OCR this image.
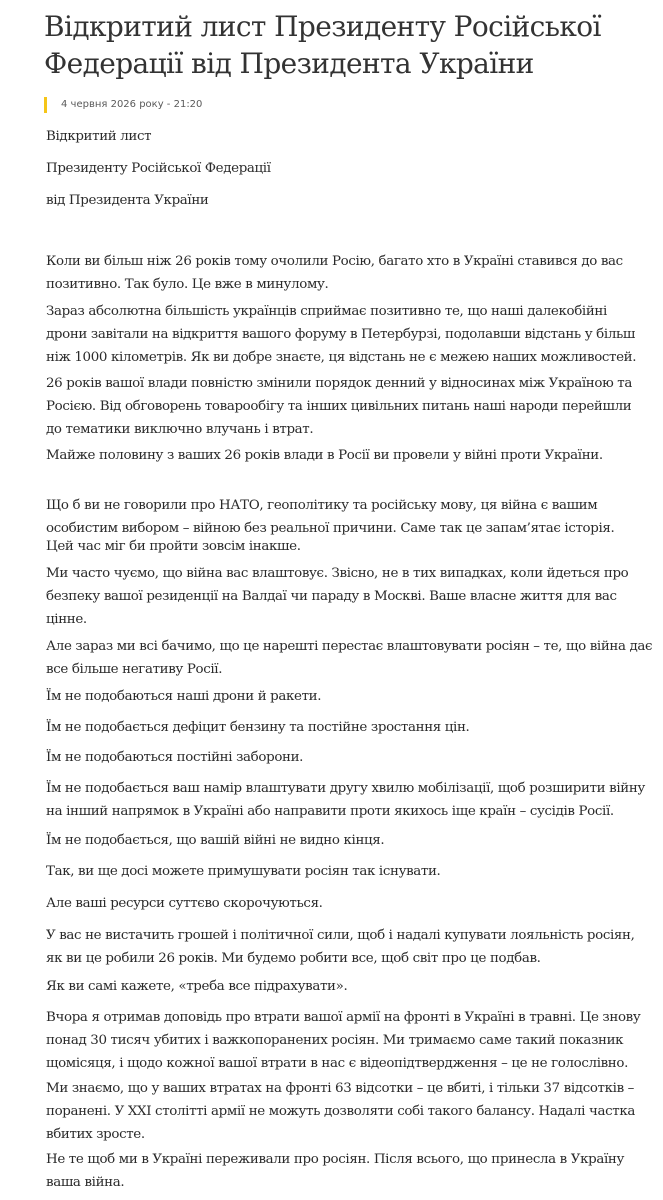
Відкритий лист Президенту Російської
Федерації від Президента України
4 червня 2026 року - 21:20

Відкритий лист

Президенту Російської Федерації

від Президента України

Коли ви більш ніж 26 років тому очолили Росію, багато хто в Україні ставився до вас
позитивно. Так було. Це вже в минулому.

Зараз абсолютна більшість українців сприймає позитивно те, що наші далекобійні
дрони завітали на відкриття вашого форуму в Петербурзі, подолавши відстань у більш
ніж 1000 кілометрів. Як ви добре знаєте, ця відстань не є межею наших можливостей.

26 років вашої влади повністю змінили порядок денний у відносинах між Україною та
Росією. Від обговорень товарообігу та інших цивільних питань наші народи перейшли
до тематики виключно влучань і втрат.

Майже половину з ваших 26 років влади в Росії ви провели у війні проти України.

Що б ви не говорили про НАТО, геополітику та російську мову, ця війна є вашим
особистим вибором – війною без реальної причини. Саме так це запам’ятає історія.

Цей час міг би пройти зовсім інакше.

Ми часто чуємо, що війна вас влаштовує. Звісно, не в тих випадках, коли йдеться про
безпеку вашої резиденції на Валдаї чи параду в Москві. Ваше власне життя для вас
цінне.

Але зараз ми всі бачимо, що це нарешті перестає влаштовувати росіян – те, що війна дає
все більше негативу Росії.

Їм не подобаються наші дрони й ракети.

Їм не подобається дефіцит бензину та постійне зростання цін.

Їм не подобаються постійні заборони.

Їм не подобається ваш намір влаштувати другу хвилю мобілізації, щоб розширити війну
на інший напрямок в Україні або направити проти якихось іще країн – сусідів Росії.

Їм не подобається, що вашій війні не видно кінця.

Так, ви ще досі можете примушувати росіян так існувати.

Але ваші ресурси суттєво скорочуються.

У вас не вистачить грошей і політичної сили, щоб і надалі купувати лояльність росіян,
як ви це робили 26 років. Ми будемо робити все, щоб світ про це подбав.

Як ви самі кажете, «треба все підрахувати».

Вчора я отримав доповідь про втрати вашої армії на фронті в Україні в травні. Це знову
понад 30 тисяч убитих і важкопоранених росіян. Ми тримаємо саме такий показник
щомісяця, і щодо кожної вашої втрати в нас є відеопідтвердження – це не голослівно.

Ми знаємо, що у ваших втратах на фронті 63 відсотки – це вбиті, і тільки 37 відсотків –
поранені. У XXI столітті армії не можуть дозволяти собі такого балансу. Надалі частка
вбитих зросте.

Не те щоб ми в Україні переживали про росіян. Після всього, що принесла в Україну
ваша війна.
